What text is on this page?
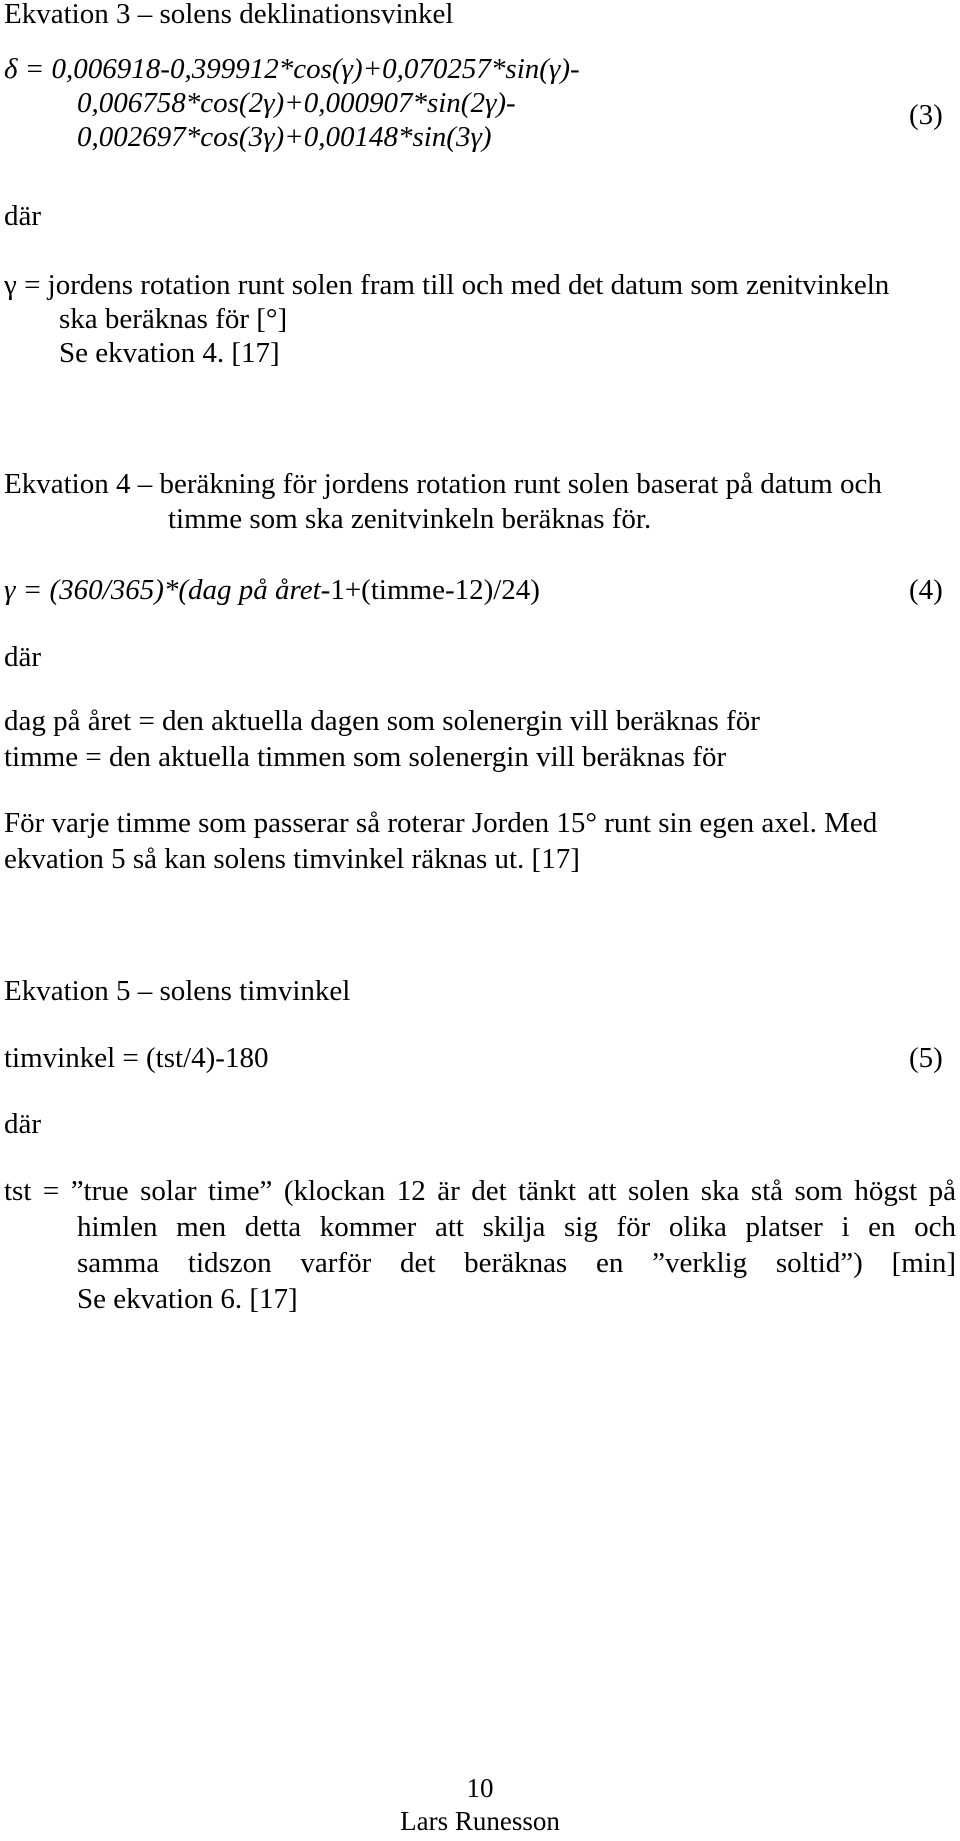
Ekvation 3 – solens deklinationsvinkel
δ = 0,006918-0,399912*cos(γ)+0,070257*sin(γ)-
0,006758*cos(2γ)+0,000907*sin(2γ)-	(3)
0,002697*cos(3γ)+0,00148*sin(3γ)
där
γ = jordens rotation runt solen fram till och med det datum som zenitvinkeln
ska beräknas för [°]
Se ekvation 4. [17]
Ekvation 4 – beräkning för jordens rotation runt solen baserat på datum och
timme som ska zenitvinkeln beräknas för.
γ = (360/365)*(dag på året-1+(timme-12)/24)	(4)
där
dag på året = den aktuella dagen som solenergin vill beräknas för
timme = den aktuella timmen som solenergin vill beräknas för
För varje timme som passerar så roterar Jorden 15° runt sin egen axel. Med
ekvation 5 så kan solens timvinkel räknas ut. [17]
Ekvation 5 – solens timvinkel
timvinkel = (tst/4)-180	(5)
där
tst = ”true solar time” (klockan 12 är det tänkt att solen ska stå som högst på
himlen men detta kommer att skilja sig för olika platser i en och
samma tidszon varför det beräknas en ”verklig soltid”) [min]
Se ekvation 6. [17]
10
Lars Runesson
